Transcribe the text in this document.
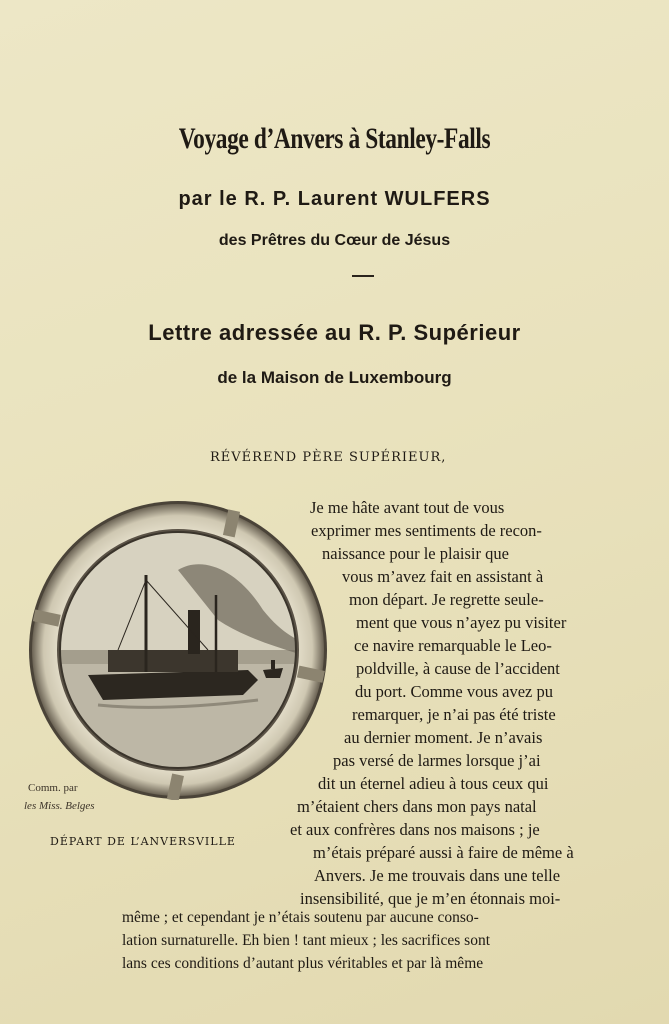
Voyage d’Anvers à Stanley-Falls
par le R. P. Laurent WULFERS
des Prêtres du Cœur de Jésus
Lettre adressée au R. P. Supérieur
de la Maison de Luxembourg
RÉVÉREND PÈRE SUPÉRIEUR,
Comm. par
les Miss. Belges
DÉPART DE L’ANVERSVILLE
Je me hâte avant tout de vous
exprimer mes sentiments de recon-
naissance pour le plaisir que
vous m’avez fait en assistant à
mon départ. Je regrette seule-
ment que vous n’ayez pu visiter
ce navire remarquable le Leo-
poldville, à cause de l’accident
du port. Comme vous avez pu
remarquer, je n’ai pas été triste
au dernier moment. Je n’avais
pas versé de larmes lorsque j’ai
dit un éternel adieu à tous ceux qui
m’étaient chers dans mon pays natal
et aux confrères dans nos maisons ; je
m’étais préparé aussi à faire de même à
Anvers. Je me trouvais dans une telle
insensibilité, que je m’en étonnais moi-
même ; et cependant je n’étais soutenu par aucune conso-
lation surnaturelle. Eh bien ! tant mieux ; les sacrifices sont
lans ces conditions d’autant plus véritables et par là même
